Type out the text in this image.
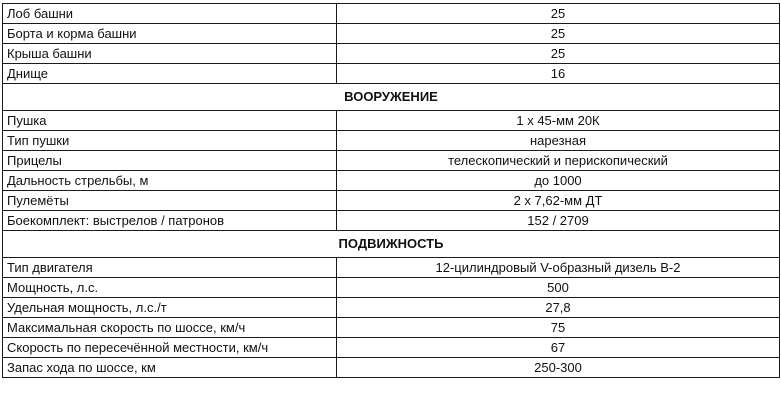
Лоб башни	25
Борта и корма башни	25
Крыша башни	25
Днище	16
ВООРУЖЕНИЕ	
Пушка	1 х 45-мм 20К
Тип пушки	нарезная
Прицелы	телескопический и перископический
Дальность стрельбы, м	до 1000
Пулемёты	2 х 7,62-мм ДТ
Боекомплект: выстрелов / патронов	152 / 2709
ПОДВИЖНОСТЬ	
Тип двигателя	12-цилиндровый V-образный дизель В-2
Мощность, л.с.	500
Удельная мощность, л.с./т	27,8
Максимальная скорость по шоссе, км/ч	75
Скорость по пересечённой местности, км/ч	67
Запас хода по шоссе, км	250-300
